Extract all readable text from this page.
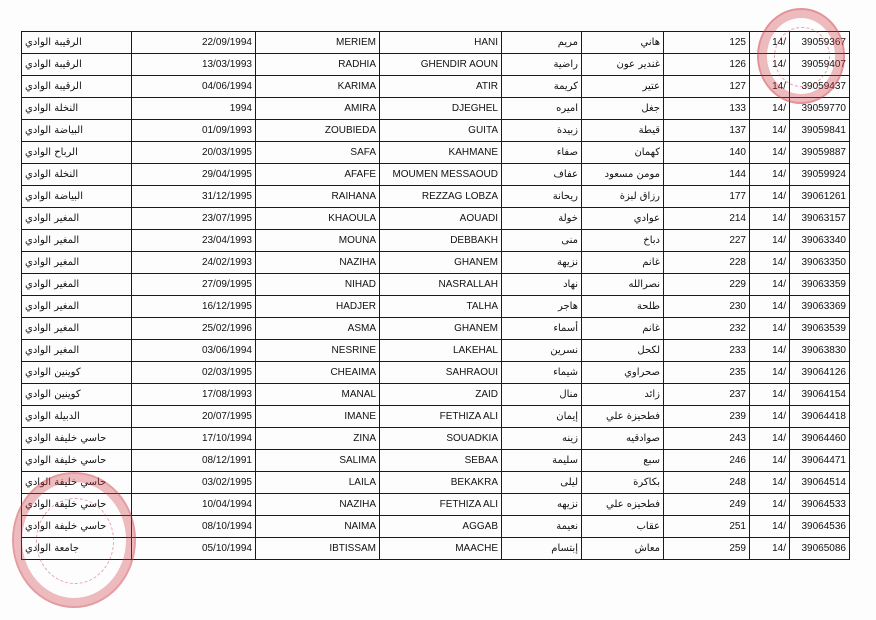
الرقيبة الوادي	22/09/1994	MERIEM	HANI	مريم	هاني	125	/14	39059367
الرقيبة الوادي	13/03/1993	RADHIA	GHENDIR AOUN	راضية	غندير عون	126	/14	39059407
الرقيبة الوادي	04/06/1994	KARIMA	ATIR	كريمة	عتير	127	/14	39059437
النخلة الوادي	1994	AMIRA	DJEGHEL	اميره	جغل	133	/14	39059770
البياضة الوادي	01/09/1993	ZOUBIEDA	GUITA	زبيدة	قيطة	137	/14	39059841
الرباح الوادي	20/03/1995	SAFA	KAHMANE	صفاء	كهمان	140	/14	39059887
النخلة الوادي	29/04/1995	AFAFE	MOUMEN MESSAOUD	عفاف	مومن مسعود	144	/14	39059924
البياضة الوادي	31/12/1995	RAIHANA	REZZAG LOBZA	ريحانة	رزاق لبزة	177	/14	39061261
المغير الوادي	23/07/1995	KHAOULA	AOUADI	خولة	عوادي	214	/14	39063157
المغير الوادي	23/04/1993	MOUNA	DEBBAKH	منى	دباخ	227	/14	39063340
المغير الوادي	24/02/1993	NAZIHA	GHANEM	نزيهة	غانم	228	/14	39063350
المغير الوادي	27/09/1995	NIHAD	NASRALLAH	نهاد	نصرالله	229	/14	39063359
المغير الوادي	16/12/1995	HADJER	TALHA	هاجر	طلحة	230	/14	39063369
المغير الوادي	25/02/1996	ASMA	GHANEM	أسماء	غانم	232	/14	39063539
المغير الوادي	03/06/1994	NESRINE	LAKEHAL	نسرين	لكحل	233	/14	39063830
كوينين الوادي	02/03/1995	CHEAIMA	SAHRAOUI	شيماء	صحراوي	235	/14	39064126
كوينين الوادي	17/08/1993	MANAL	ZAID	منال	زائد	237	/14	39064154
الدبيلة الوادي	20/07/1995	IMANE	FETHIZA ALI	إيمان	فطحيزة علي	239	/14	39064418
حاسي خليفة الوادي	17/10/1994	ZINA	SOUADKIA	زينه	صوادقيه	243	/14	39064460
حاسي خليفة الوادي	08/12/1991	SALIMA	SEBAA	سليمة	سبع	246	/14	39064471
حاسي خليفة الوادي	03/02/1995	LAILA	BEKAKRA	ليلى	بكاكرة	248	/14	39064514
حاسي خليفة الوادي	10/04/1994	NAZIHA	FETHIZA ALI	نزيهه	فطحيزه علي	249	/14	39064533
حاسي خليفة الوادي	08/10/1994	NAIMA	AGGAB	نعيمة	عقاب	251	/14	39064536
جامعة الوادي	05/10/1994	IBTISSAM	MAACHE	إبتسام	معاش	259	/14	39065086
